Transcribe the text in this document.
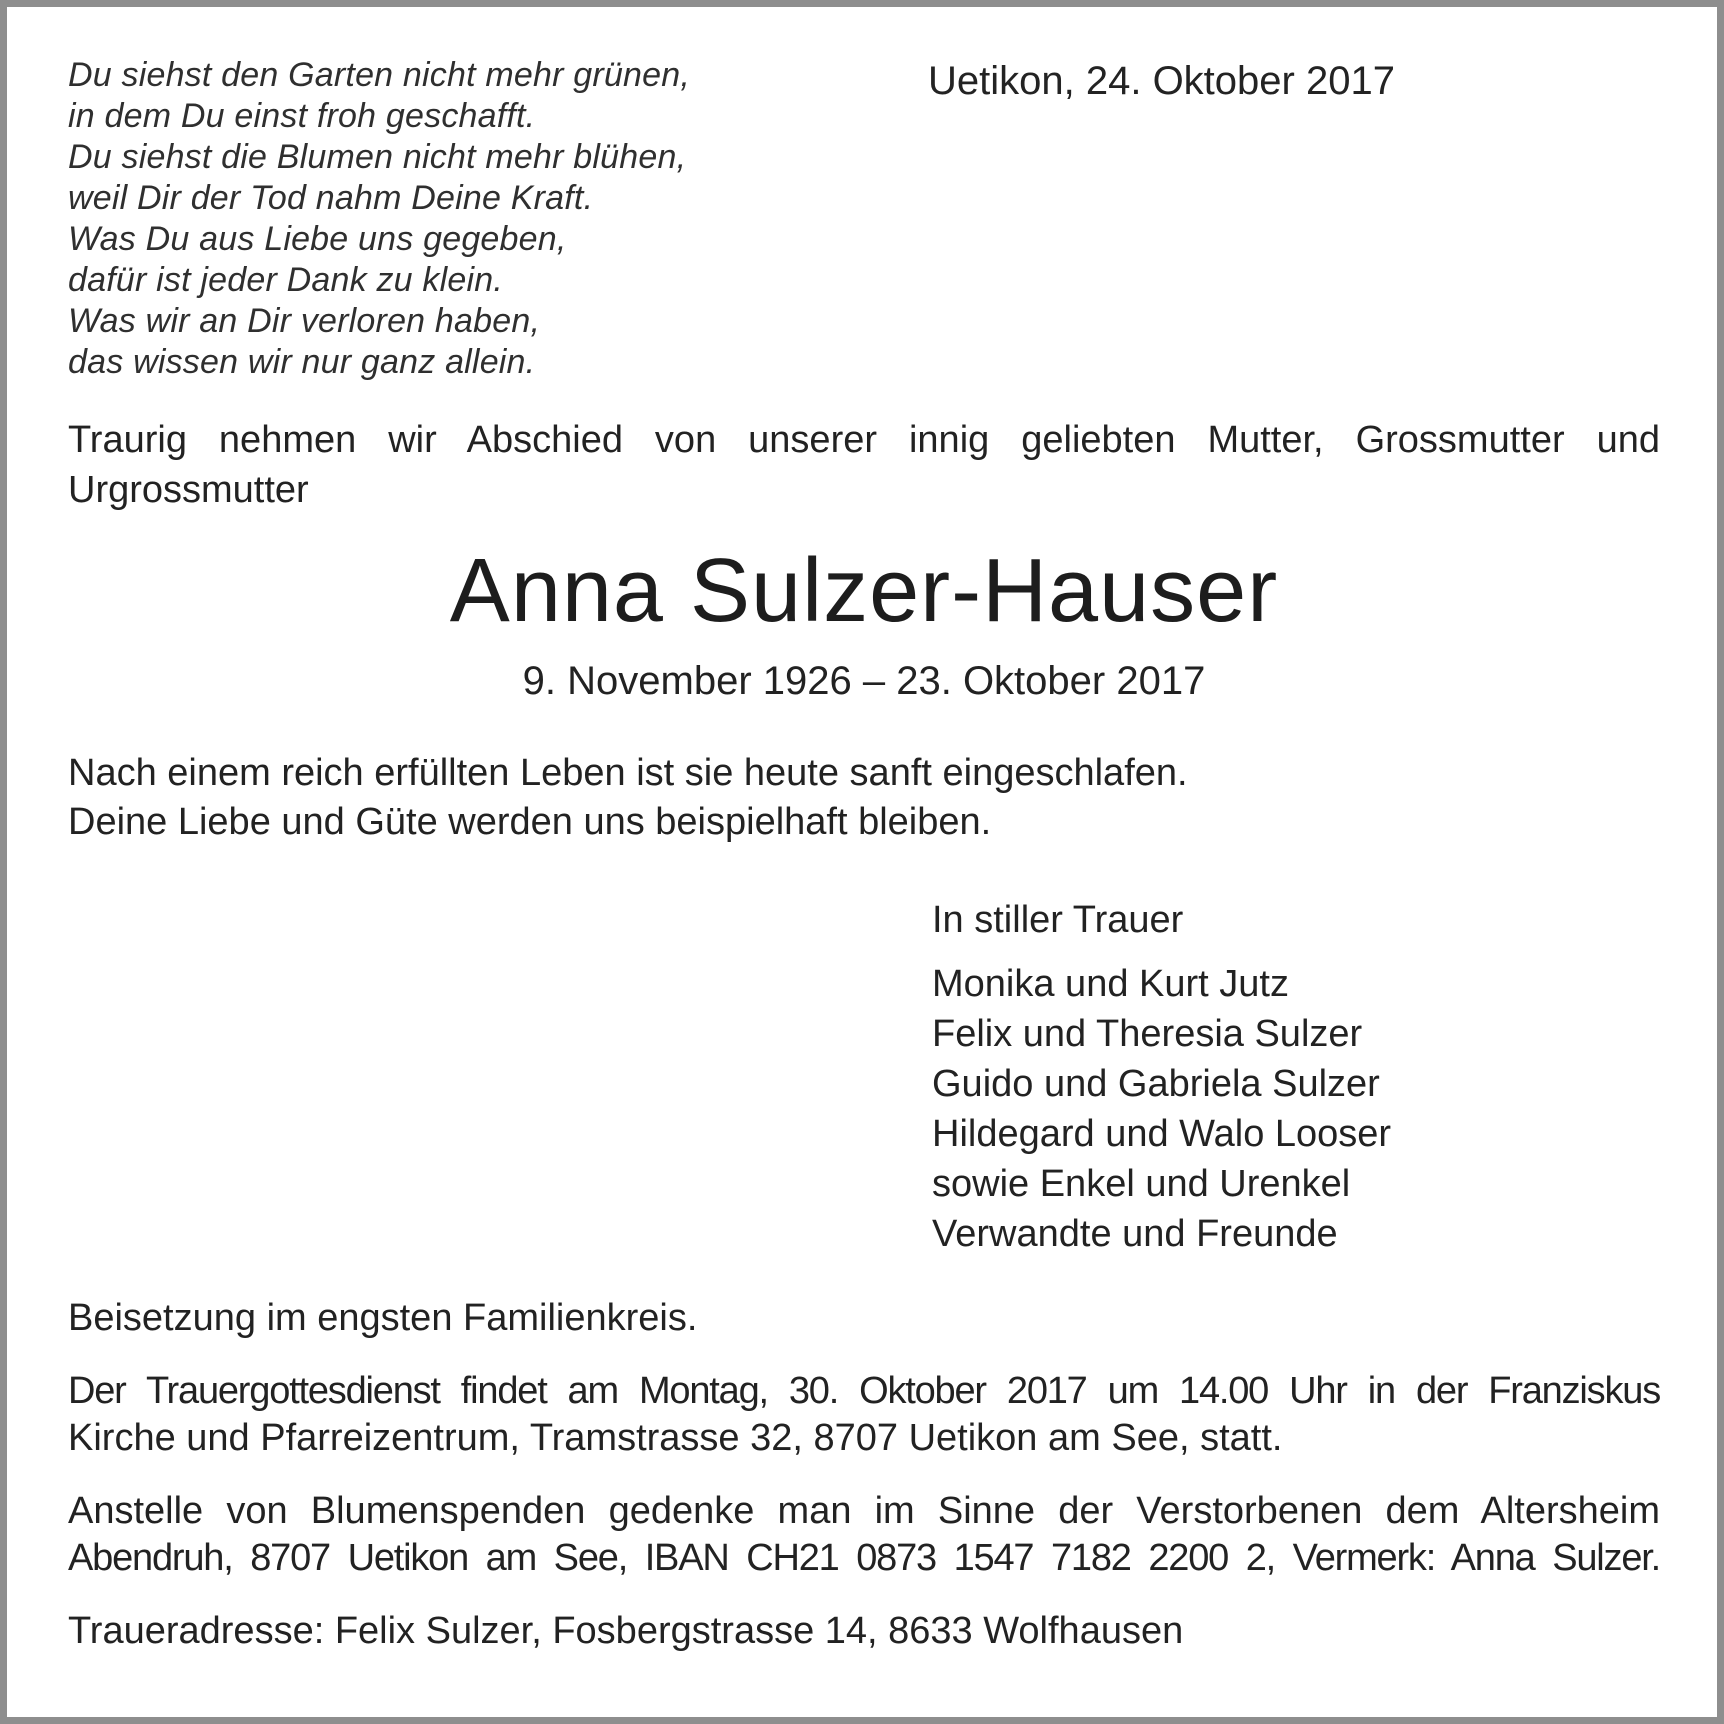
Du siehst den Garten nicht mehr grünen,
in dem Du einst froh geschafft.
Du siehst die Blumen nicht mehr blühen,
weil Dir der Tod nahm Deine Kraft.
Was Du aus Liebe uns gegeben,
dafür ist jeder Dank zu klein.
Was wir an Dir verloren haben,
das wissen wir nur ganz allein.
Uetikon, 24. Oktober 2017
Traurig nehmen wir Abschied von unserer innig geliebten Mutter, Grossmutter und
Urgrossmutter
Anna Sulzer-Hauser
9. November 1926 – 23. Oktober 2017
Nach einem reich erfüllten Leben ist sie heute sanft eingeschlafen.
Deine Liebe und Güte werden uns beispielhaft bleiben.
In stiller Trauer
Monika und Kurt Jutz
Felix und Theresia Sulzer
Guido und Gabriela Sulzer
Hildegard und Walo Looser
sowie Enkel und Urenkel
Verwandte und Freunde
Beisetzung im engsten Familienkreis.
Der Trauergottesdienst findet am Montag, 30. Oktober 2017 um 14.00 Uhr in der Franziskus
Kirche und Pfarreizentrum, Tramstrasse 32, 8707 Uetikon am See, statt.
Anstelle von Blumenspenden gedenke man im Sinne der Verstorbenen dem Altersheim
Abendruh, 8707 Uetikon am See, IBAN CH21 0873 1547 7182 2200 2, Vermerk: Anna Sulzer.
Traueradresse: Felix Sulzer, Fosbergstrasse 14, 8633 Wolfhausen
